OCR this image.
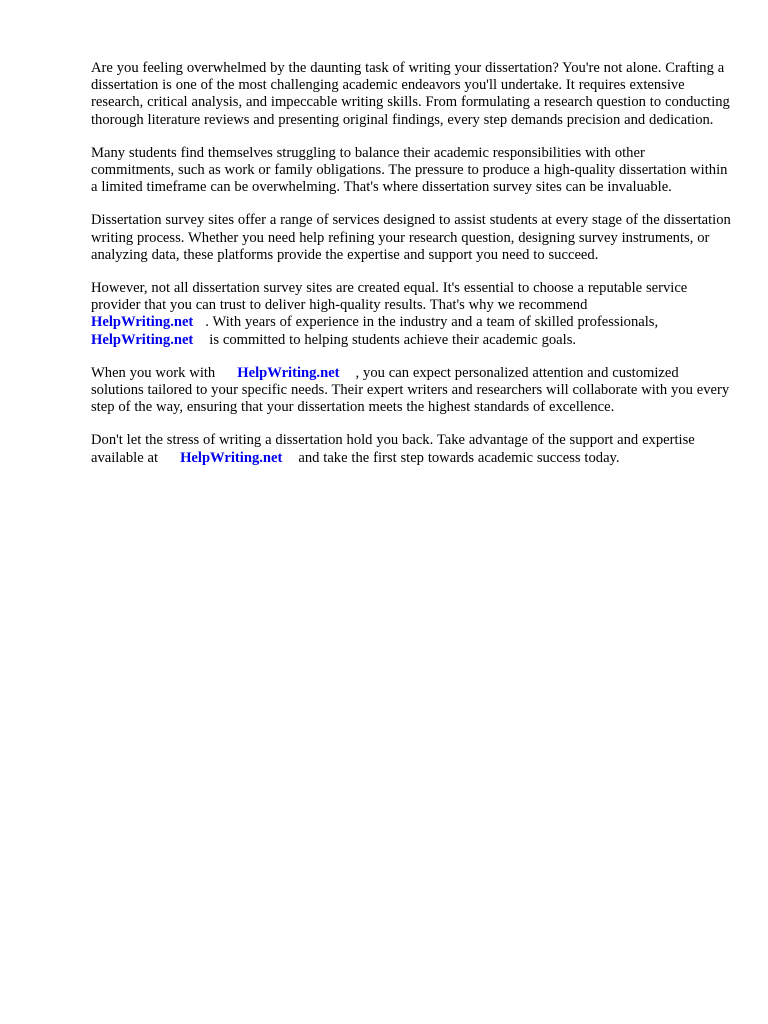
Are you feeling overwhelmed by the daunting task of writing your dissertation? You're not alone. Crafting a dissertation is one of the most challenging academic endeavors you'll undertake. It requires extensive research, critical analysis, and impeccable writing skills. From formulating a research question to conducting thorough literature reviews and presenting original findings, every step demands precision and dedication.

Many students find themselves struggling to balance their academic responsibilities with other commitments, such as work or family obligations. The pressure to produce a high-quality dissertation within a limited timeframe can be overwhelming. That's where dissertation survey sites can be invaluable.

Dissertation survey sites offer a range of services designed to assist students at every stage of the dissertation writing process. Whether you need help refining your research question, designing survey instruments, or analyzing data, these platforms provide the expertise and support you need to succeed.

However, not all dissertation survey sites are created equal. It's essential to choose a reputable service provider that you can trust to deliver high-quality results. That's why we recommend
HelpWriting.net . With years of experience in the industry and a team of skilled professionals,
HelpWriting.net is committed to helping students achieve their academic goals.

When you work with HelpWriting.net , you can expect personalized attention and customized solutions tailored to your specific needs. Their expert writers and researchers will collaborate with you every step of the way, ensuring that your dissertation meets the highest standards of excellence.

Don't let the stress of writing a dissertation hold you back. Take advantage of the support and expertise available at HelpWriting.net and take the first step towards academic success today.
